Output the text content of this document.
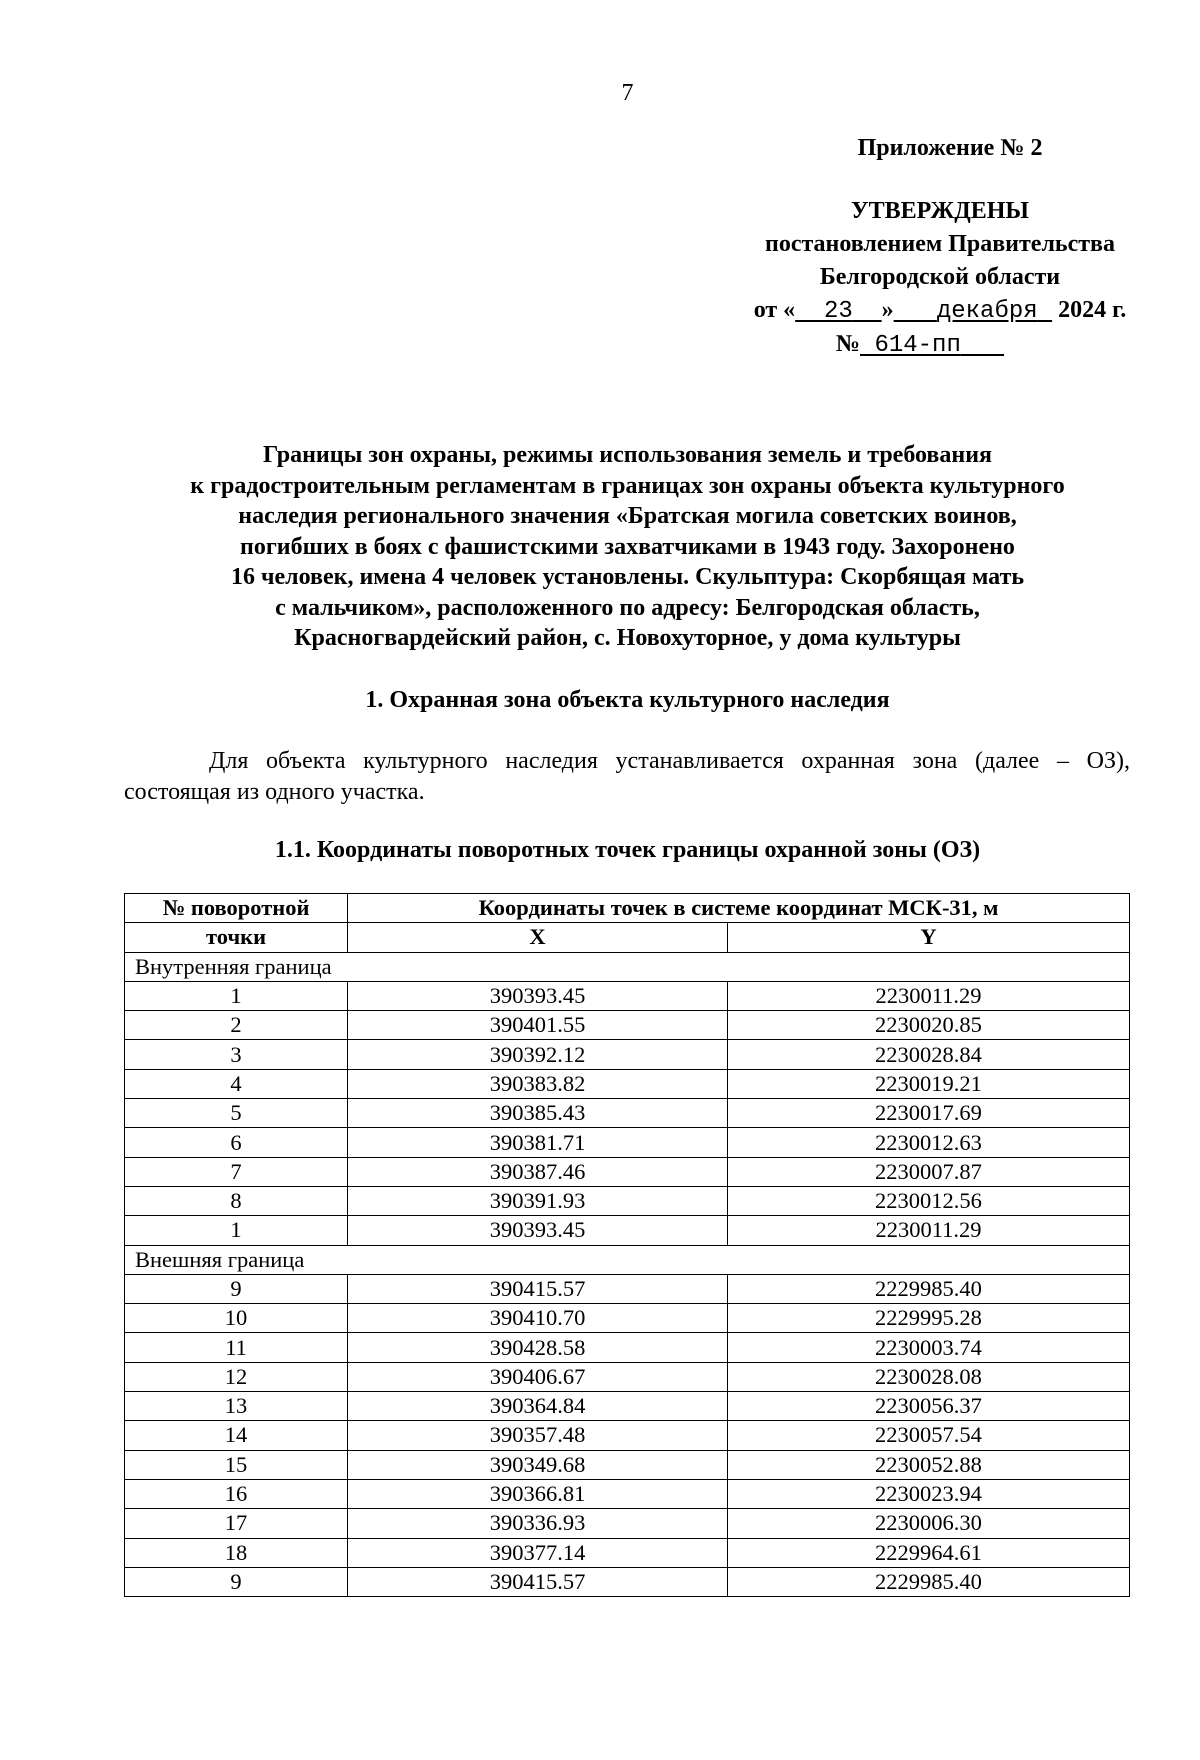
7
Приложение № 2
УТВЕРЖДЕНЫ
постановлением Правительства
Белгородской области
от « 23 » декабря 2024 г.
№ 614-пп
Границы зон охраны, режимы использования земель и требования
к градостроительным регламентам в границах зон охраны объекта культурного
наследия регионального значения «Братская могила советских воинов,
погибших в боях с фашистскими захватчиками в 1943 году. Захоронено
16 человек, имена 4 человек установлены. Скульптура: Скорбящая мать
с мальчиком», расположенного по адресу: Белгородская область,
Красногвардейский район, с. Новохуторное, у дома культуры
1. Охранная зона объекта культурного наследия
Для объекта культурного наследия устанавливается охранная зона (далее – ОЗ), состоящая из одного участка.
1.1. Координаты поворотных точек границы охранной зоны (ОЗ)
№ поворотной	Координаты точек в системе координат МСК-31, м	
точки	X	Y
Внутренняя граница		
1	390393.45	2230011.29
2	390401.55	2230020.85
3	390392.12	2230028.84
4	390383.82	2230019.21
5	390385.43	2230017.69
6	390381.71	2230012.63
7	390387.46	2230007.87
8	390391.93	2230012.56
1	390393.45	2230011.29
Внешняя граница		
9	390415.57	2229985.40
10	390410.70	2229995.28
11	390428.58	2230003.74
12	390406.67	2230028.08
13	390364.84	2230056.37
14	390357.48	2230057.54
15	390349.68	2230052.88
16	390366.81	2230023.94
17	390336.93	2230006.30
18	390377.14	2229964.61
9	390415.57	2229985.40
